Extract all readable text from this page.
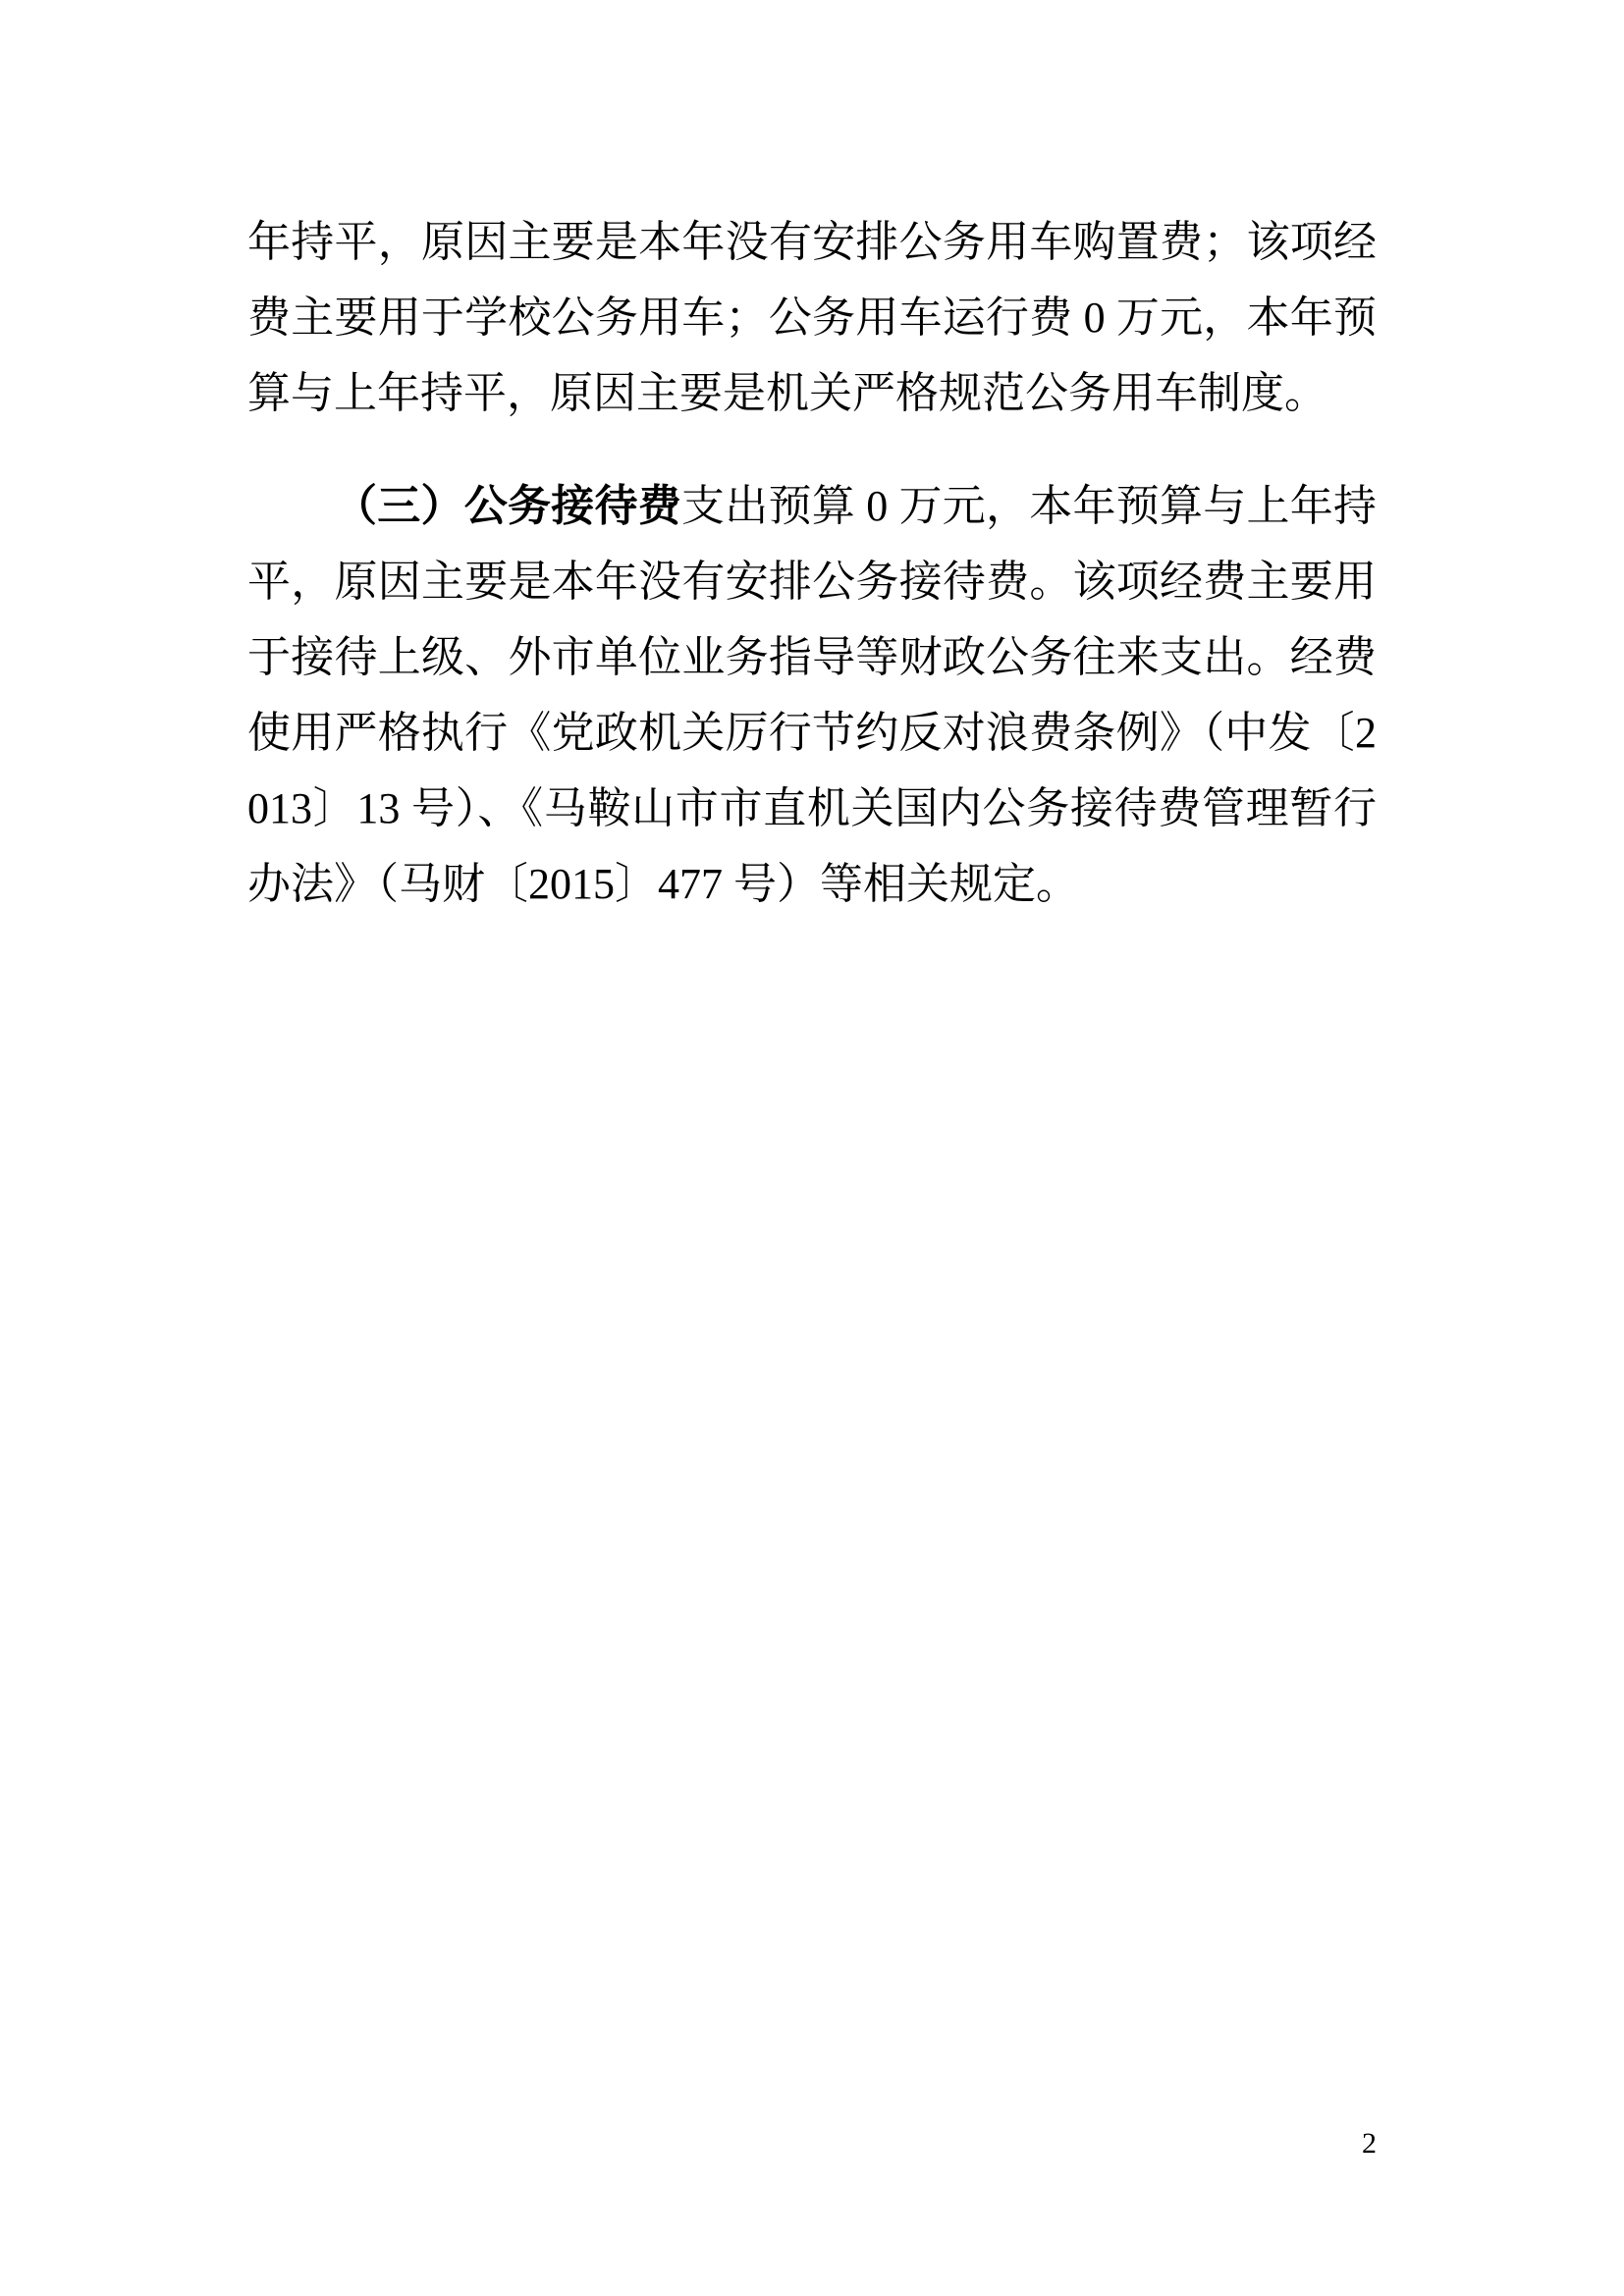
年持平，原因主要是本年没有安排公务用车购置费；该项经费主要用于学校公务用车；公务用车运行费 0 万元，本年预算与上年持平，原因主要是机关严格规范公务用车制度。

（三）公务接待费支出预算 0 万元，本年预算与上年持平，原因主要是本年没有安排公务接待费。该项经费主要用于接待上级、外市单位业务指导等财政公务往来支出。经费使用严格执行《党政机关厉行节约反对浪费条例》（中发〔2013〕13 号）、《马鞍山市市直机关国内公务接待费管理暂行办法》（马财〔2015〕477 号）等相关规定。

2
